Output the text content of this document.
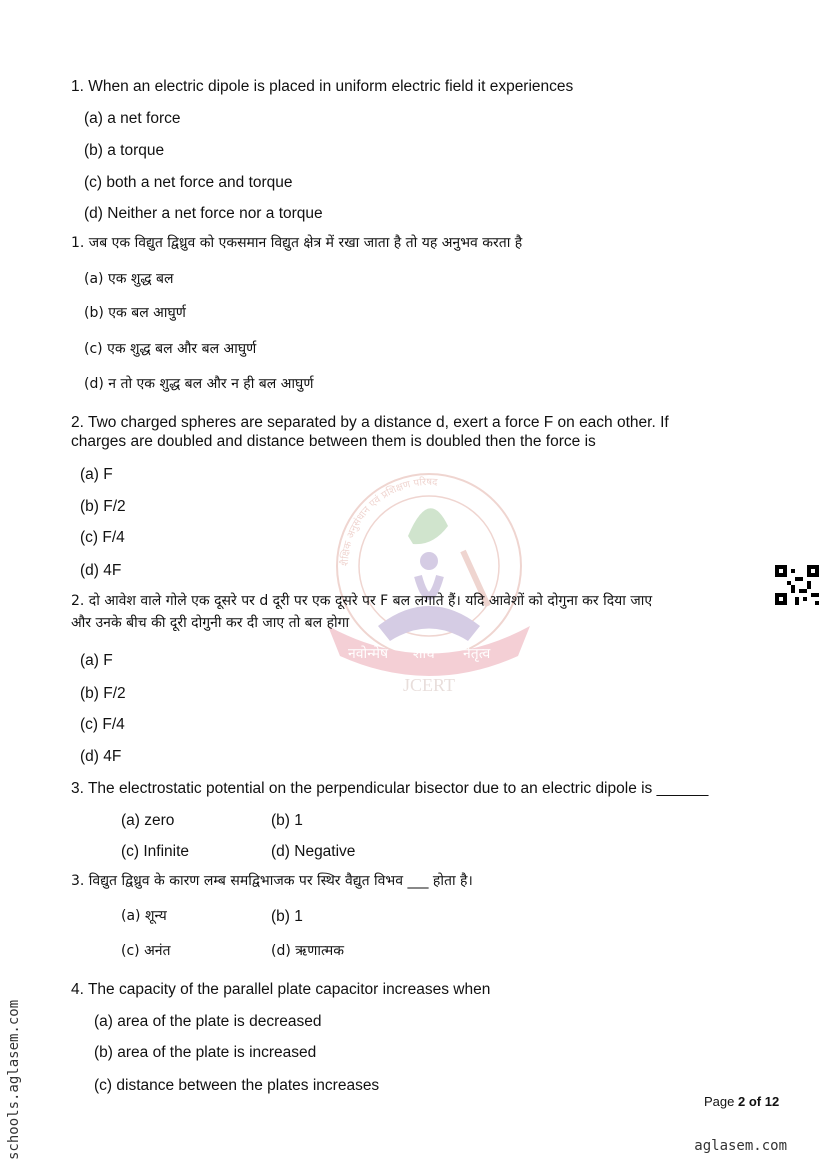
नवोन्मेष शोध नेतृत्व
JCERT
शैक्षिक अनुसंधान एवं प्रशिक्षण परिषद
1. When an electric dipole is placed in uniform electric field it experiences
(a) a net force
(b) a torque
(c) both a net force and torque
(d) Neither a net force nor a torque
1. जब एक विद्युत द्विध्रुव को एकसमान विद्युत क्षेत्र में रखा जाता है तो यह अनुभव करता है
(a) एक शुद्ध बल
(b) एक बल आघुर्ण
(c) एक शुद्ध बल और बल आघुर्ण
(d) न तो एक शुद्ध बल और न ही बल आघुर्ण
2. Two charged spheres are separated by a distance d, exert a force F on each other. If
charges are doubled and distance between them is doubled then the force is
(a) F
(b) F/2
(c) F/4
(d) 4F
2. दो आवेश वाले गोले एक दूसरे पर d दूरी पर एक दूसरे पर F बल लगाते हैं। यदि आवेशों को दोगुना कर दिया जाए
और उनके बीच की दूरी दोगुनी कर दी जाए तो बल होगा
(a) F
(b) F/2
(c) F/4
(d) 4F
3. The electrostatic potential on the perpendicular bisector due to an electric dipole is ______
(a) zero	(b) 1
(c) Infinite	(d) Negative
3. विद्युत द्विध्रुव के कारण लम्ब समद्विभाजक पर स्थिर वैद्युत विभव ___ होता है।
(a) शून्य	(b) 1
(c) अनंत	(d) ऋणात्मक
4. The capacity of the parallel plate capacitor increases when
(a) area of the plate is decreased
(b) area of the plate is increased
(c) distance between the plates increases
Page 2 of 12
schools.aglasem.com	aglasem.com
